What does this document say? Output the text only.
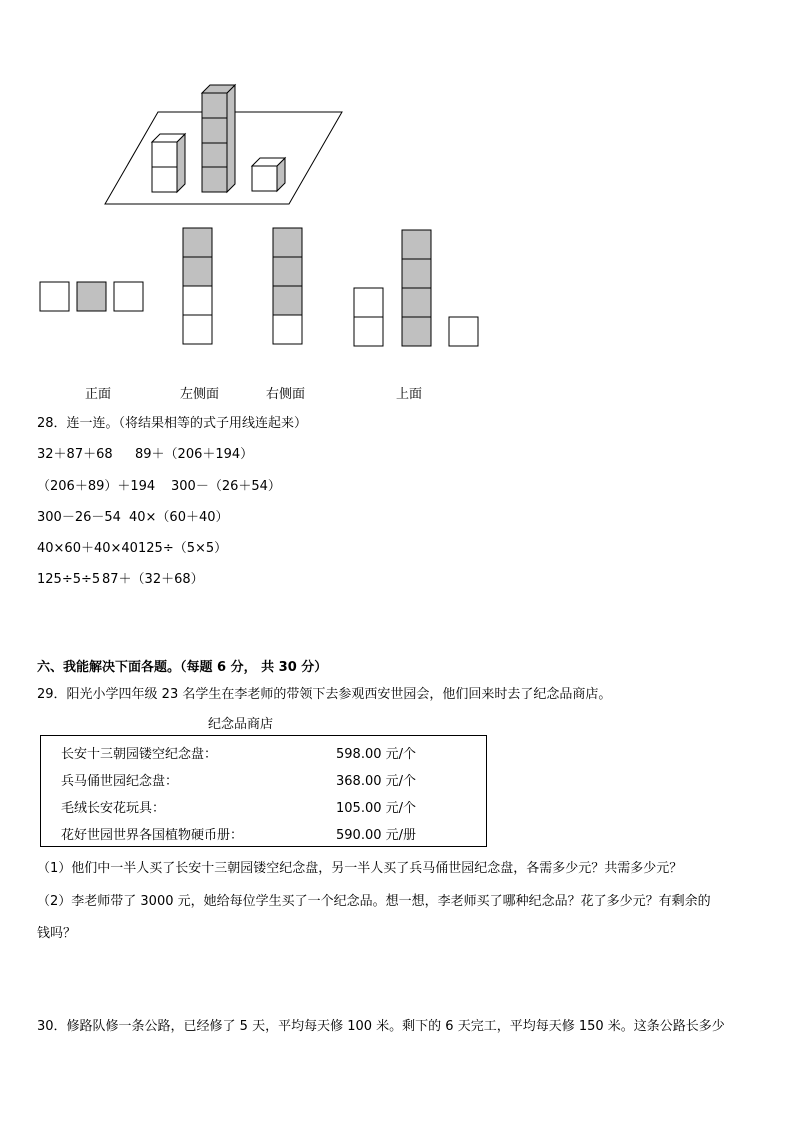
正面	左侧面	右侧面	上面
28．连一连。（将结果相等的式子用线连起来）
32＋87＋68 89＋（206＋194）
（206＋89）＋194 300－（26＋54）
300－26－54 40×（60＋40）
40×60＋40×40 125÷（5×5）
125÷5÷5 87＋（32＋68）
六、我能解决下面各题。（每题 6 分， 共 30 分）
29．阳光小学四年级 23 名学生在李老师的带领下去参观西安世园会，他们回来时去了纪念品商店。
纪念品商店
长安十三朝园镂空纪念盘：	598.00 元/个
兵马俑世园纪念盘：	368.00 元/个
毛绒长安花玩具：	105.00 元/个
花好世园世界各国植物硬币册：	590.00 元/册
（1）他们中一半人买了长安十三朝园镂空纪念盘，另一半人买了兵马俑世园纪念盘，各需多少元？共需多少元？
（2）李老师带了 3000 元，她给每位学生买了一个纪念品。想一想，李老师买了哪种纪念品？花了多少元？有剩余的
钱吗？
30．修路队修一条公路，已经修了 5 天，平均每天修 100 米。剩下的 6 天完工，平均每天修 150 米。这条公路长多少
